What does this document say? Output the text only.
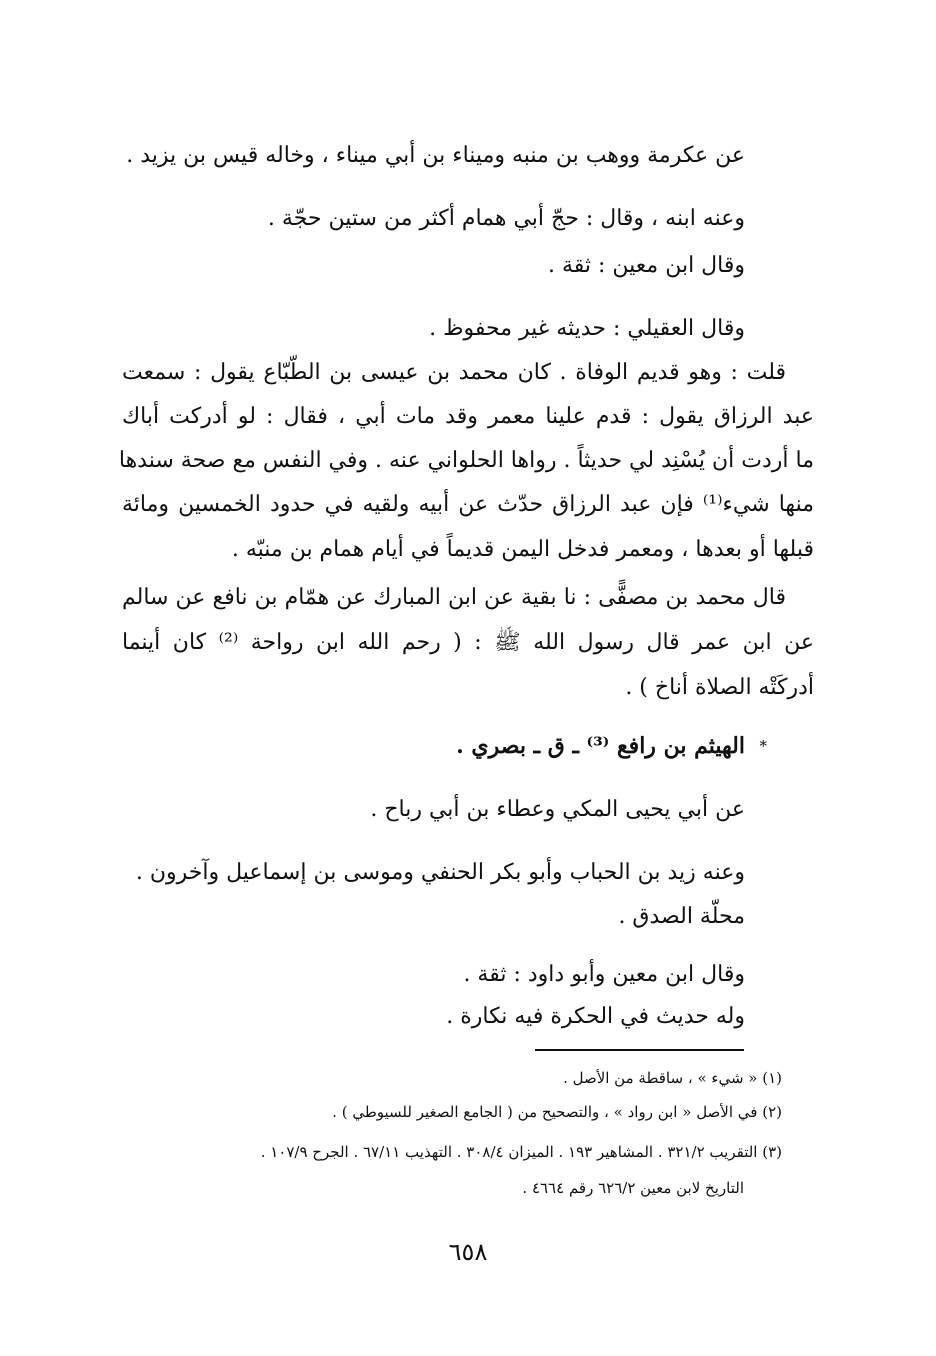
عن عكرمة ووهب بن منبه وميناء بن أبي ميناء ، وخاله قيس بن يزيد .
وعنه ابنه ، وقال : حجّ أبي همام أكثر من ستين حجّة .
وقال ابن معين : ثقة .
وقال العقيلي : حديثه غير محفوظ .
قلت : وهو قديم الوفاة . كان محمد بن عيسى بن الطّبّاع يقول : سمعت
عبد الرزاق يقول : قدم علينا معمر وقد مات أبي ، فقال : لو أدركت أباك
ما أردت أن يُسْنِد لي حديثاً . رواها الحلواني عنه . وفي النفس مع صحة سندها
منها شيء⁽¹⁾ فإن عبد الرزاق حدّث عن أبيه ولقيه في حدود الخمسين ومائة
قبلها أو بعدها ، ومعمر فدخل اليمن قديماً في أيام همام بن منبّه .
قال محمد بن مصفًّى : نا بقية عن ابن المبارك عن همّام بن نافع عن سالم
عن ابن عمر قال رسول الله ﷺ : ( رحم الله ابن رواحة ⁽²⁾ كان أينما
أدركَتْه الصلاة أناخ ) .
*
الهيثم بن رافع ⁽³⁾ ـ ق ـ بصري .
عن أبي يحيى المكي وعطاء بن أبي رباح .
وعنه زيد بن الحباب وأبو بكر الحنفي وموسى بن إسماعيل وآخرون .
محلّة الصدق .
وقال ابن معين وأبو داود : ثقة .
وله حديث في الحكرة فيه نكارة .
(١) « شيء » ، ساقطة من الأصل .
(٢) في الأصل « ابن رواد » ، والتصحيح من ( الجامع الصغير للسيوطي ) .
(٣) التقريب ٣٢١/٢ . المشاهير ١٩٣ . الميزان ٣٠٨/٤ . التهذيب ٦٧/١١ . الجرح ١٠٧/٩ .
التاريخ لابن معين ٦٢٦/٢ رقم ٤٦٦٤ .
٦٥٨
